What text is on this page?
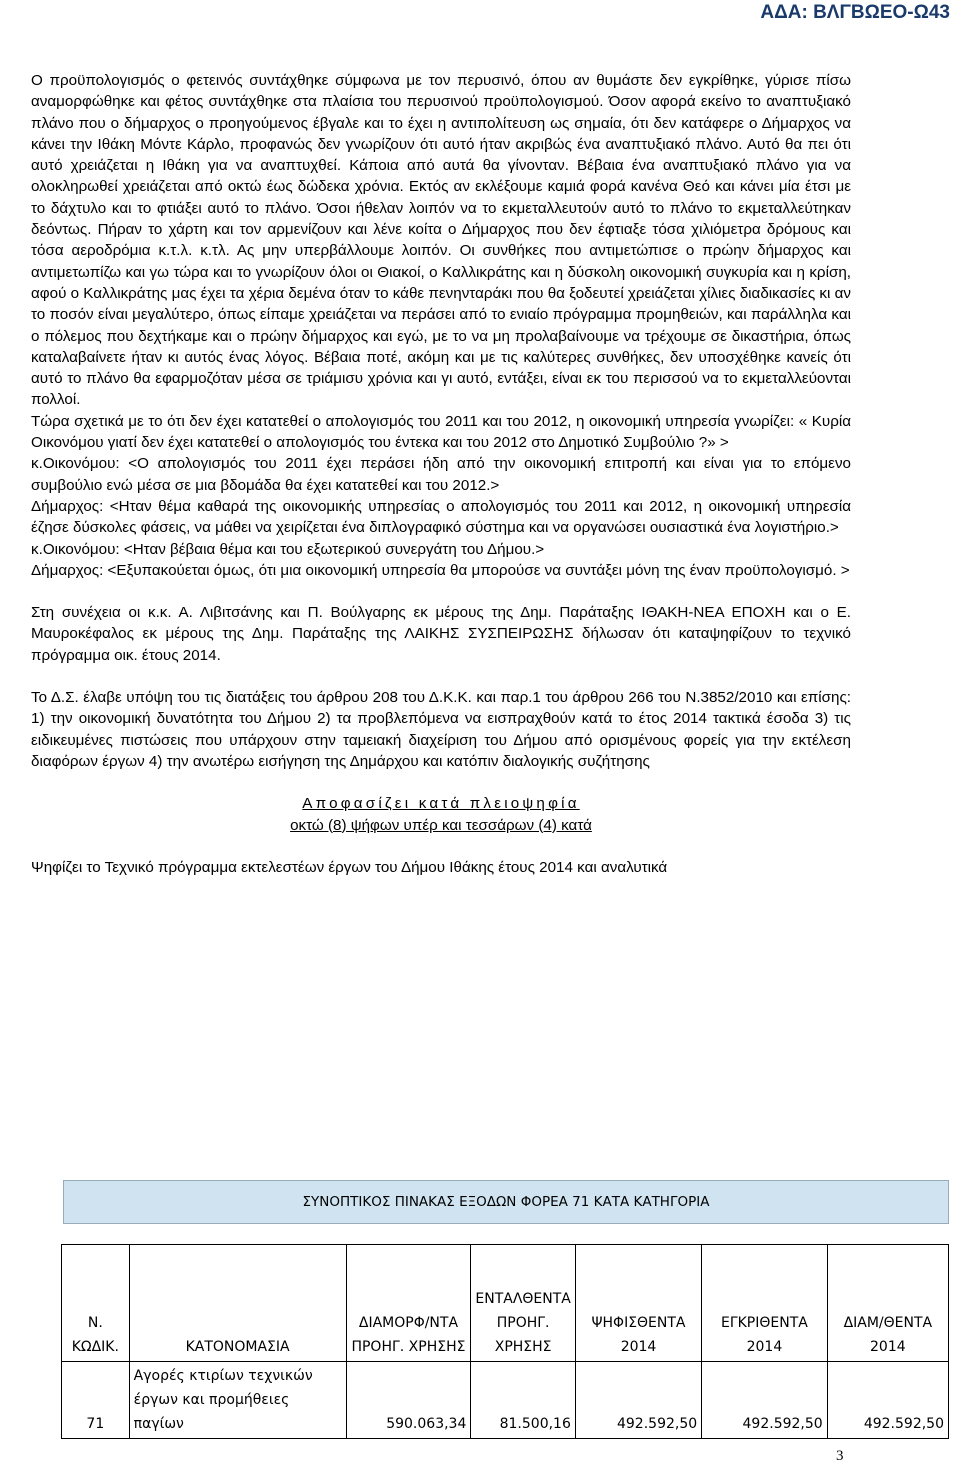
ΑΔΑ: ΒΛΓΒΩΕΟ-Ω43

Ο προϋπολογισμός ο φετεινός συντάχθηκε σύμφωνα με τον περυσινό, όπου αν θυμάστε δεν εγκρίθηκε, γύρισε πίσω αναμορφώθηκε και φέτος συντάχθηκε στα πλαίσια του περυσινού προϋπολογισμού. Όσον αφορά εκείνο το αναπτυξιακό πλάνο που ο δήμαρχος ο προηγούμενος έβγαλε και το έχει η αντιπολίτευση ως σημαία, ότι δεν κατάφερε ο Δήμαρχος να κάνει την Ιθάκη Μόντε Κάρλο, προφανώς δεν γνωρίζουν ότι αυτό ήταν ακριβώς ένα αναπτυξιακό πλάνο. Αυτό θα πει ότι αυτό χρειάζεται η Ιθάκη για να αναπτυχθεί. Κάποια από αυτά θα γίνονταν. Βέβαια ένα αναπτυξιακό πλάνο για να ολοκληρωθεί χρειάζεται από οκτώ έως δώδεκα χρόνια. Εκτός αν εκλέξουμε καμιά φορά κανένα Θεό και κάνει μία έτσι με το δάχτυλο και το φτιάξει αυτό το πλάνο. Όσοι ήθελαν λοιπόν να το εκμεταλλευτούν αυτό το πλάνο το εκμεταλλεύτηκαν δεόντως. Πήραν το χάρτη και τον αρμενίζουν και λένε κοίτα ο Δήμαρχος που δεν έφτιαξε τόσα χιλιόμετρα δρόμους και τόσα αεροδρόμια κ.τ.λ. κ.τλ. Ας μην υπερβάλλουμε λοιπόν. Οι συνθήκες που αντιμετώπισε ο πρώην δήμαρχος και αντιμετωπίζω και γω τώρα και το γνωρίζουν όλοι οι Θιακοί, ο Καλλικράτης και η δύσκολη οικονομική συγκυρία και η κρίση, αφού ο Καλλικράτης μας έχει τα χέρια δεμένα όταν το κάθε πενηνταράκι που θα ξοδευτεί χρειάζεται χίλιες διαδικασίες κι αν το ποσόν είναι μεγαλύτερο, όπως είπαμε χρειάζεται να περάσει από το ενιαίο πρόγραμμα προμηθειών, και παράλληλα και ο πόλεμος που δεχτήκαμε και ο πρώην δήμαρχος και εγώ, με το να μη προλαβαίνουμε να τρέχουμε σε δικαστήρια, όπως καταλαβαίνετε ήταν κι αυτός ένας λόγος. Βέβαια ποτέ, ακόμη και με τις καλύτερες συνθήκες, δεν υποσχέθηκε κανείς ότι αυτό το πλάνο θα εφαρμοζόταν μέσα σε τριάμισυ χρόνια και γι αυτό, εντάξει, είναι εκ του περισσού να το εκμεταλλεύονται πολλοί.

Τώρα σχετικά με το ότι δεν έχει κατατεθεί ο απολογισμός του 2011 και του 2012, η οικονομική υπηρεσία γνωρίζει: « Κυρία Οικονόμου γιατί δεν έχει κατατεθεί ο απολογισμός του έντεκα και του 2012 στο Δημοτικό Συμβούλιο ?» >

κ.Οικονόμου: <Ο απολογισμός του 2011 έχει περάσει ήδη από την οικονομική επιτροπή και είναι για το επόμενο συμβούλιο ενώ μέσα σε μια βδομάδα θα έχει κατατεθεί και του 2012.>

Δήμαρχος: <Ηταν θέμα καθαρά της οικονομικής υπηρεσίας ο απολογισμός του 2011 και 2012, η οικονομική υπηρεσία έζησε δύσκολες φάσεις, να μάθει να χειρίζεται ένα διπλογραφικό σύστημα και να οργανώσει ουσιαστικά ένα λογιστήριο.>

κ.Οικονόμου: <Ηταν βέβαια θέμα και του εξωτερικού συνεργάτη του Δήμου.>

Δήμαρχος: <Εξυπακούεται όμως, ότι μια οικονομική υπηρεσία θα μπορούσε να συντάξει μόνη της έναν προϋπολογισμό. >

Στη συνέχεια οι κ.κ. Α. Λιβιτσάνης και Π. Βούλγαρης εκ μέρους της Δημ. Παράταξης ΙΘΑΚΗ-ΝΕΑ ΕΠΟΧΗ και ο Ε. Μαυροκέφαλος εκ μέρους της Δημ. Παράταξης της ΛΑΙΚΗΣ ΣΥΣΠΕΙΡΩΣΗΣ δήλωσαν ότι καταψηφίζουν το τεχνικό πρόγραμμα οικ. έτους 2014.

Το Δ.Σ. έλαβε υπόψη του τις διατάξεις του άρθρου 208 του Δ.Κ.Κ. και παρ.1 του άρθρου 266 του Ν.3852/2010 και επίσης: 1) την οικονομική δυνατότητα του Δήμου 2) τα προβλεπόμενα να εισπραχθούν κατά το έτος 2014 τακτικά έσοδα 3) τις ειδικευμένες πιστώσεις που υπάρχουν στην ταμειακή διαχείριση του Δήμου από ορισμένους φορείς για την εκτέλεση διαφόρων έργων 4) την ανωτέρω εισήγηση της Δημάρχου και κατόπιν διαλογικής συζήτησης

Αποφασίζει κατά πλειοψηφία

οκτώ (8) ψήφων υπέρ και τεσσάρων (4) κατά

Ψηφίζει το Τεχνικό πρόγραμμα εκτελεστέων έργων του Δήμου Ιθάκης έτους 2014 και αναλυτικά

ΣΥΝΟΠΤΙΚΟΣ ΠΙΝΑΚΑΣ ΕΞΟΔΩΝ ΦΟΡΕΑ 71 ΚΑΤΑ ΚΑΤΗΓΟΡΙΑ
Ν. ΚΩΔΙΚ.	ΚΑΤΟΝΟΜΑΣΙΑ	ΔΙΑΜΟΡΦ/ΝΤΑ ΠΡΟΗΓ. ΧΡΗΣΗΣ	ΕΝΤΑΛΘΕΝΤΑ ΠΡΟΗΓ. ΧΡΗΣΗΣ	ΨΗΦΙΣΘΕΝΤΑ 2014	ΕΓΚΡΙΘΕΝΤΑ 2014	ΔΙΑΜ/ΘΕΝΤΑ 2014
71	Αγορές κτιρίων τεχνικών έργων και προμήθειες παγίων	590.063,34	81.500,16	492.592,50	492.592,50	492.592,50
3
